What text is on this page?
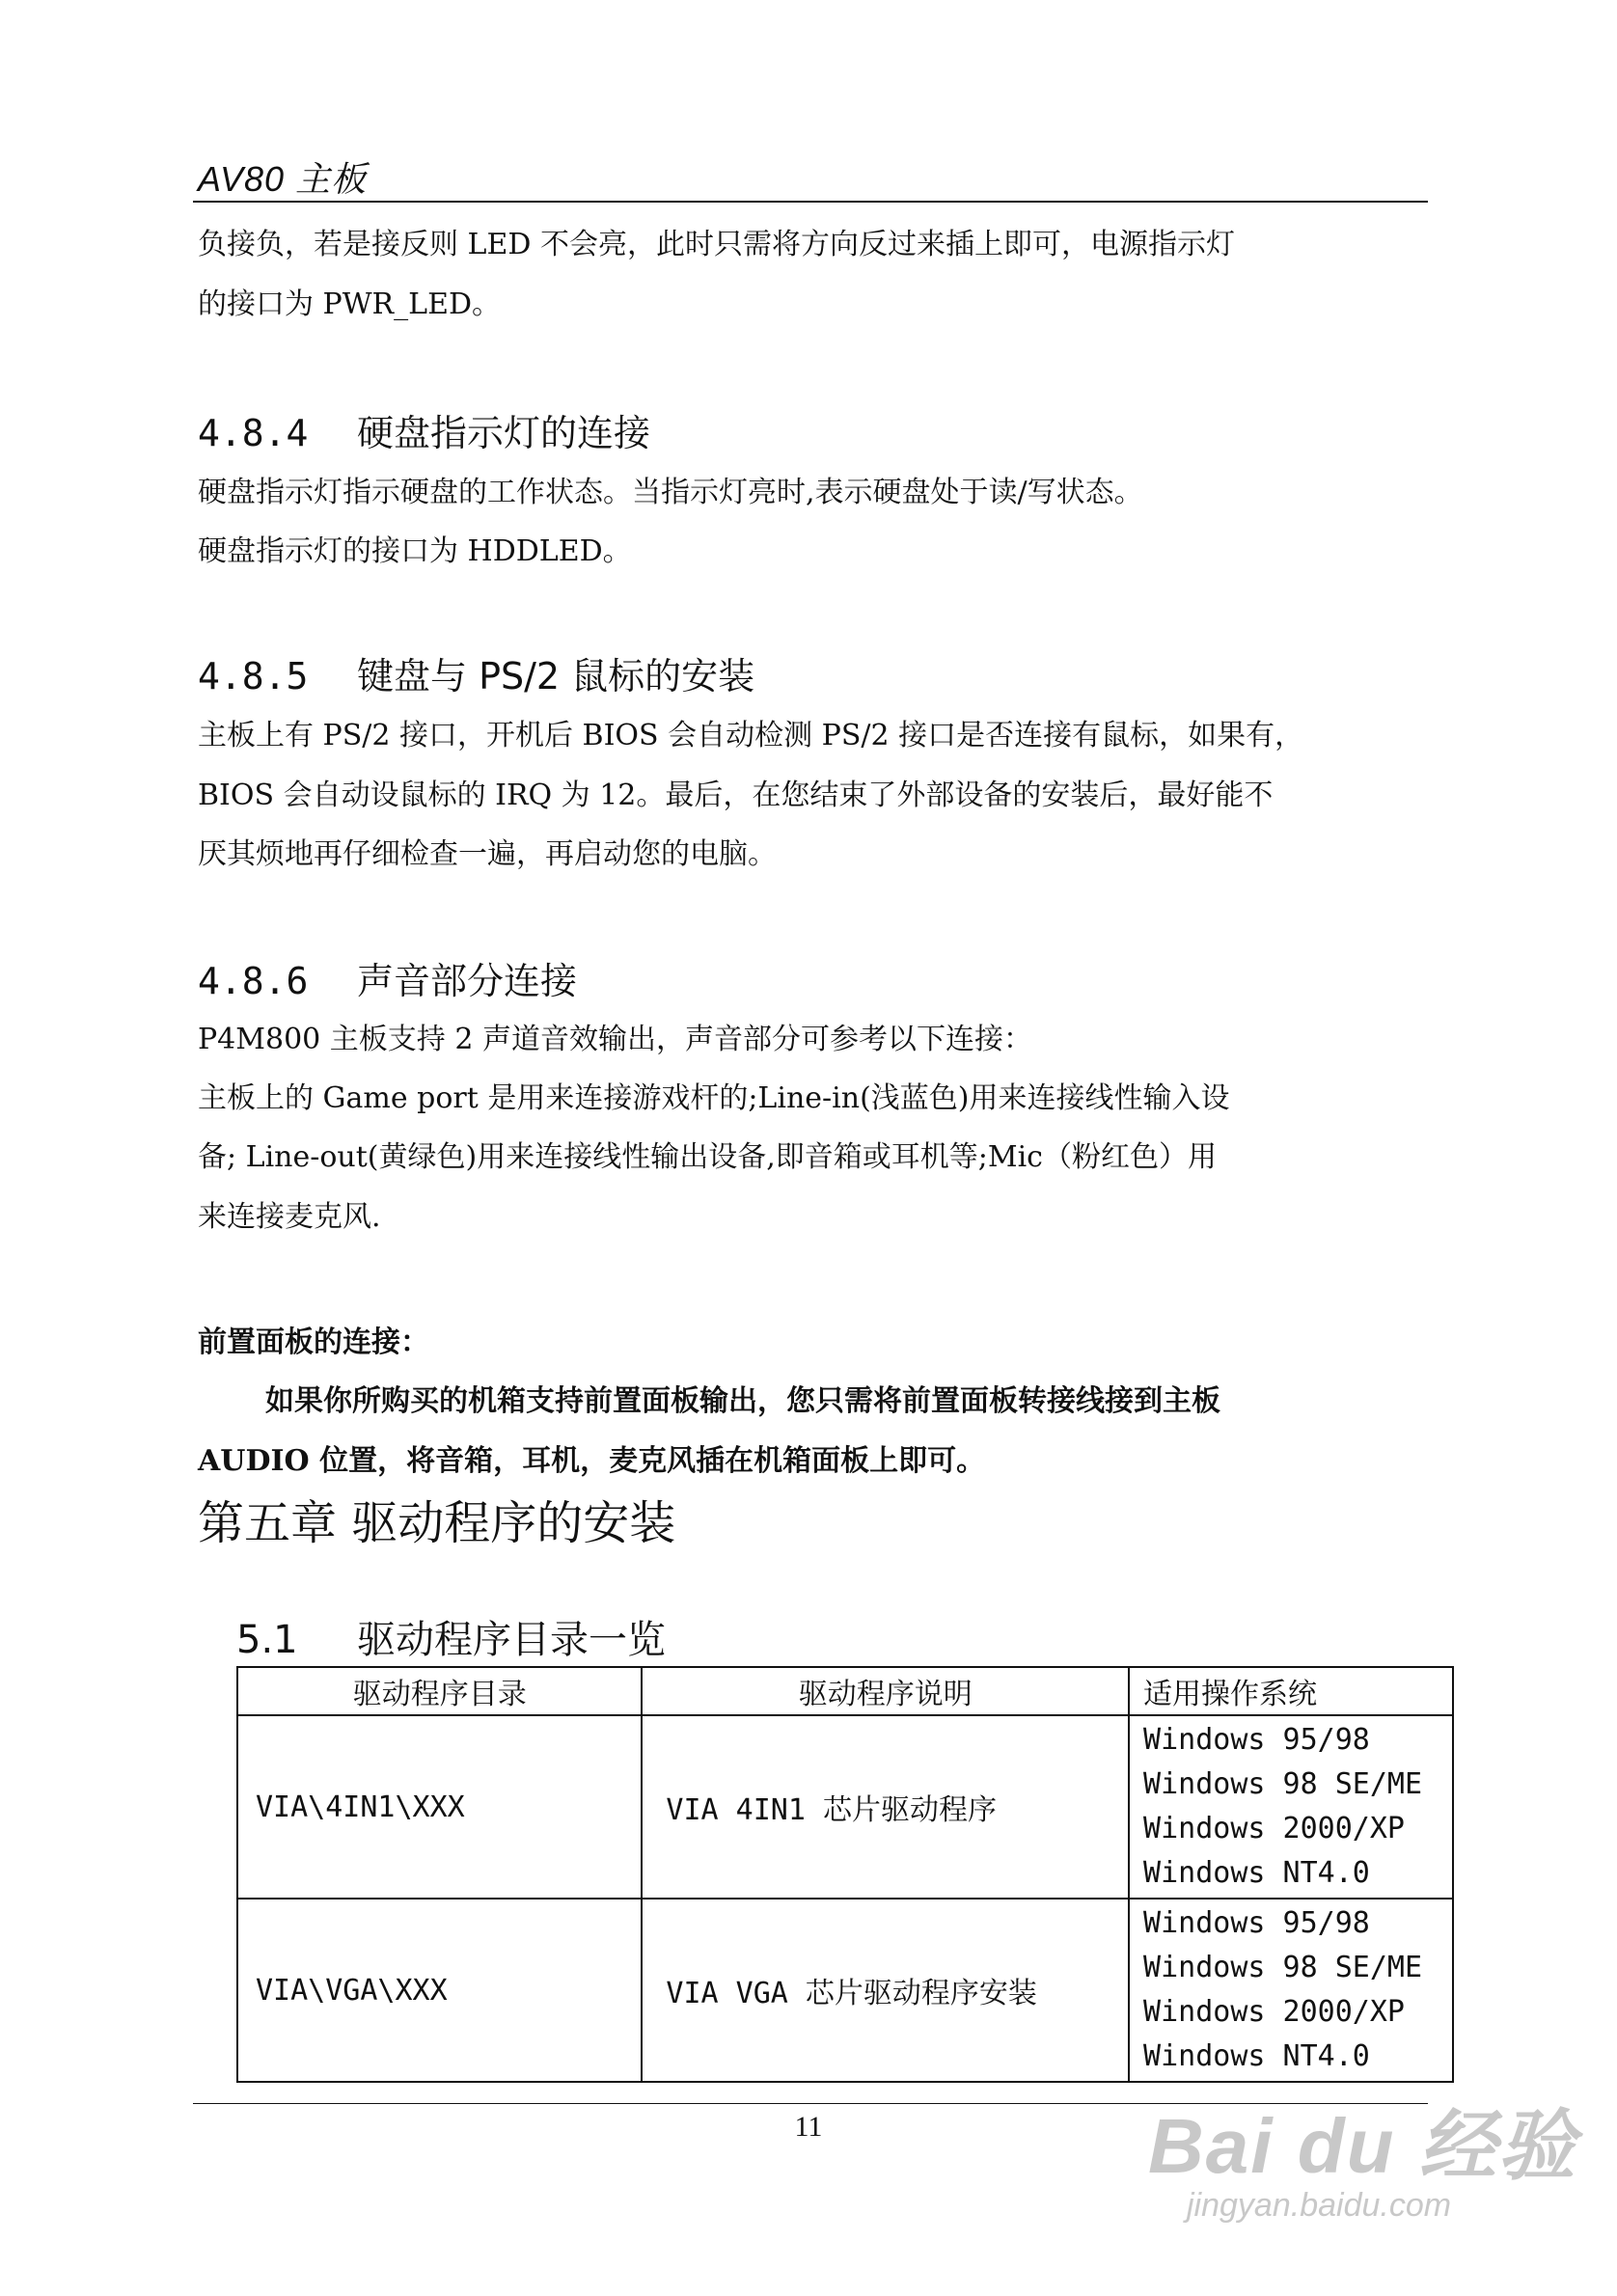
AV80 主板
负接负，若是接反则 LED 不会亮，此时只需将方向反过来插上即可，电源指示灯
的接口为 PWR_LED。
4.8.4 硬盘指示灯的连接
硬盘指示灯指示硬盘的工作状态。当指示灯亮时,表示硬盘处于读/写状态。
硬盘指示灯的接口为 HDDLED。
4.8.5 键盘与 PS/2 鼠标的安装
主板上有 PS/2 接口，开机后 BIOS 会自动检测 PS/2 接口是否连接有鼠标，如果有，
BIOS 会自动设鼠标的 IRQ 为 12。最后，在您结束了外部设备的安装后，最好能不
厌其烦地再仔细检查一遍，再启动您的电脑。
4.8.6 声音部分连接
P4M800 主板支持 2 声道音效输出，声音部分可参考以下连接：
主板上的 Game port 是用来连接游戏杆的;Line-in(浅蓝色)用来连接线性输入设
备; Line-out(黄绿色)用来连接线性输出设备,即音箱或耳机等;Mic（粉红色）用
来连接麦克风.
前置面板的连接：
如果你所购买的机箱支持前置面板输出，您只需将前置面板转接线接到主板
AUDIO 位置，将音箱，耳机，麦克风插在机箱面板上即可。
第五章 驱动程序的安装
5.1 驱动程序目录一览
驱动程序目录	驱动程序说明	适用操作系统
VIA\4IN1\XXX	VIA 4IN1 芯片驱动程序	Windows 95/98
Windows 98 SE/ME
Windows 2000/XP
Windows NT4.0

VIA\VGA\XXX	VIA VGA 芯片驱动程序安装	Windows 95/98
Windows 98 SE/ME
Windows 2000/XP
Windows NT4.0
11	Bai du 经验
jingyan.baidu.com
